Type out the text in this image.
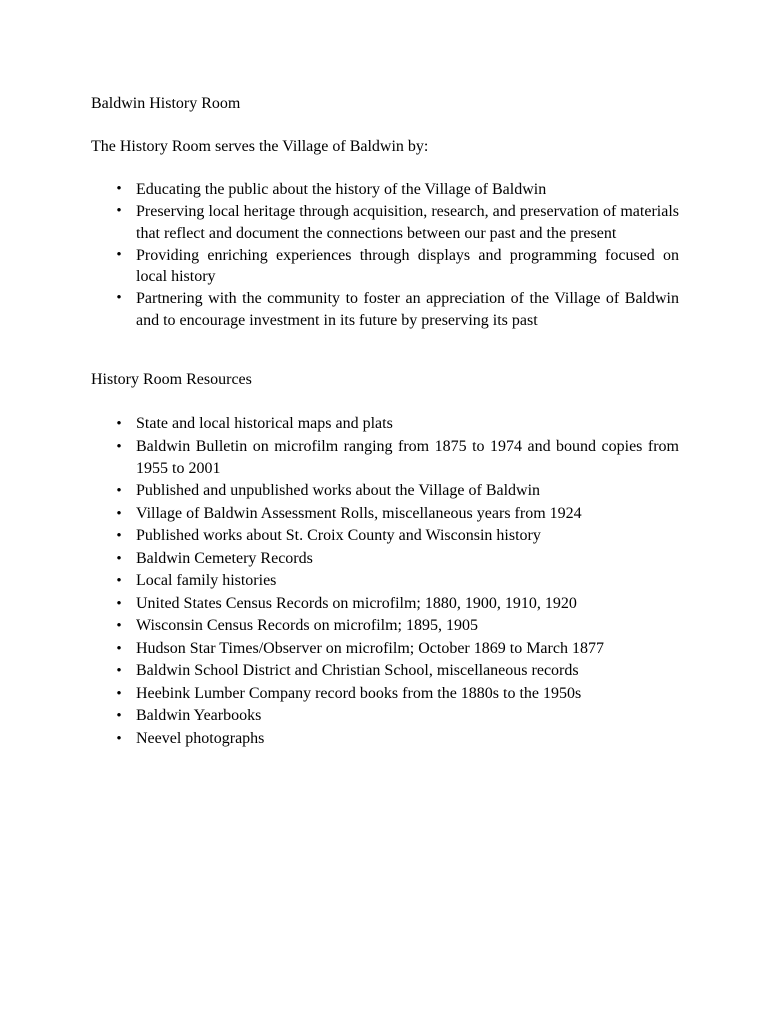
Baldwin History Room

The History Room serves the Village of Baldwin by:

• Educating the public about the history of the Village of Baldwin
• Preserving local heritage through acquisition, research, and preservation of materials that reflect and document the connections between our past and the present
• Providing enriching experiences through displays and programming focused on local history
• Partnering with the community to foster an appreciation of the Village of Baldwin and to encourage investment in its future by preserving its past

History Room Resources

• State and local historical maps and plats
• Baldwin Bulletin on microfilm ranging from 1875 to 1974 and bound copies from 1955 to 2001
• Published and unpublished works about the Village of Baldwin
• Village of Baldwin Assessment Rolls, miscellaneous years from 1924
• Published works about St. Croix County and Wisconsin history
• Baldwin Cemetery Records
• Local family histories
• United States Census Records on microfilm; 1880, 1900, 1910, 1920
• Wisconsin Census Records on microfilm; 1895, 1905
• Hudson Star Times/Observer on microfilm; October 1869 to March 1877
• Baldwin School District and Christian School, miscellaneous records
• Heebink Lumber Company record books from the 1880s to the 1950s
• Baldwin Yearbooks
• Neevel photographs
